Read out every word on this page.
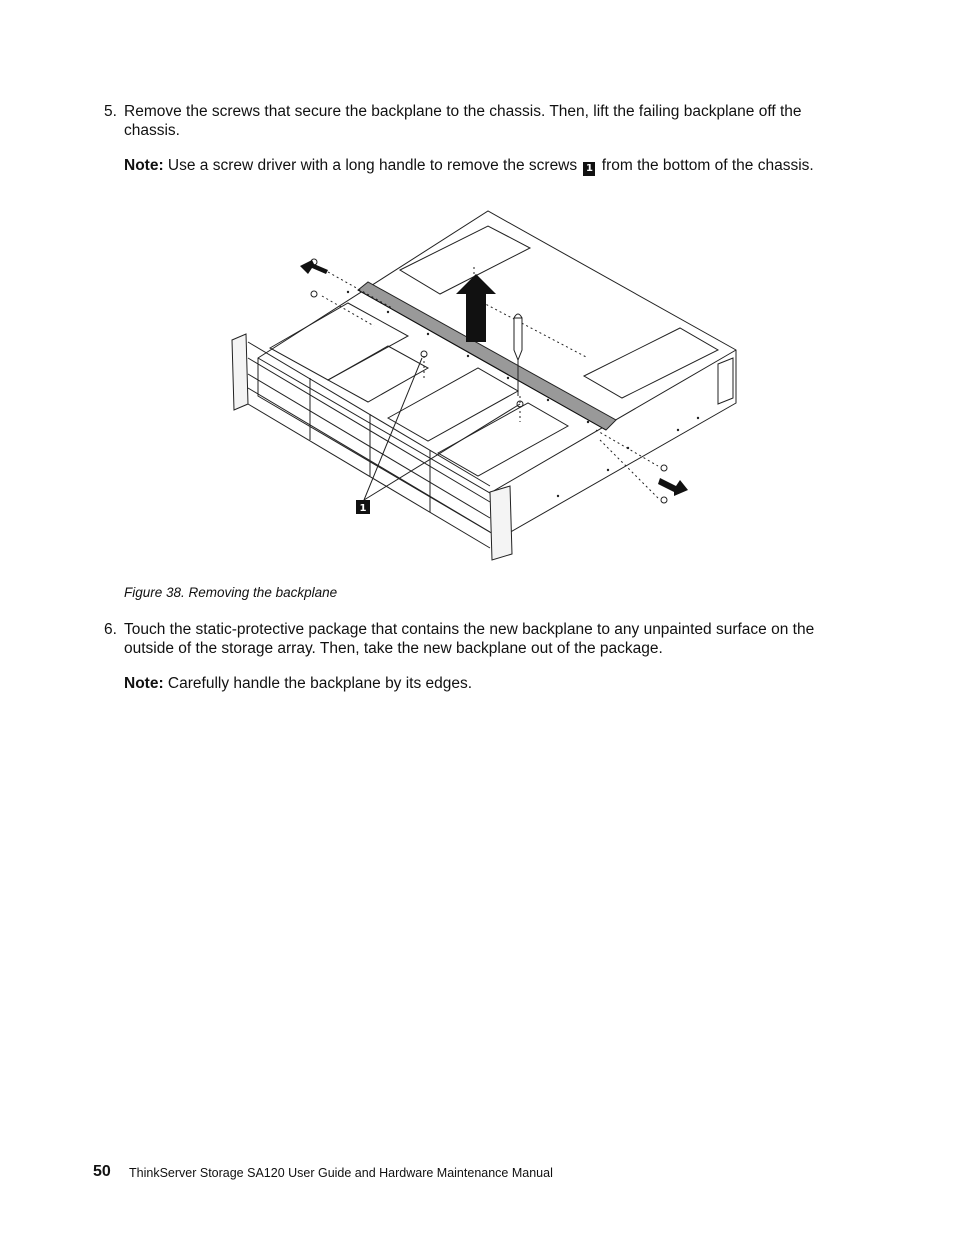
5. Remove the screws that secure the backplane to the chassis. Then, lift the failing backplane off the chassis.
Note: Use a screw driver with a long handle to remove the screws 1 from the bottom of the chassis.
1
Figure 38. Removing the backplane
6. Touch the static-protective package that contains the new backplane to any unpainted surface on the outside of the storage array. Then, take the new backplane out of the package.
Note: Carefully handle the backplane by its edges.
50 ThinkServer Storage SA120 User Guide and Hardware Maintenance Manual
